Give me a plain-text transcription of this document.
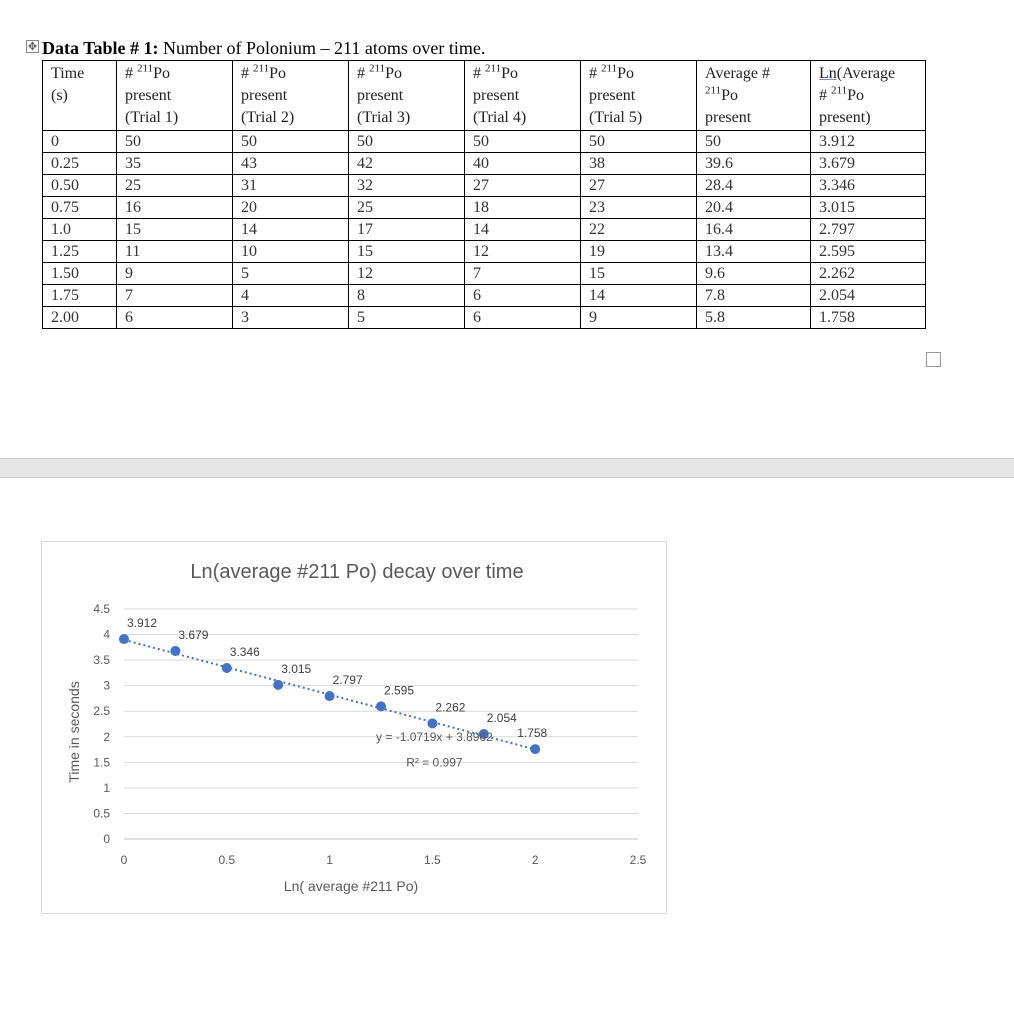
✥ Data Table # 1: Number of Polonium – 211 atoms over time.
Time
(s)	# $^{211}$Po
present
(Trial 1)	# $^{211}$Po
present
(Trial 2)	# $^{211}$Po
present
(Trial 3)	# $^{211}$Po
present
(Trial 4)	# $^{211}$Po
present
(Trial 5)	Average #
$^{211}$Po
present	Ln(Average
# $^{211}$Po
present)
0	50	50	50	50	50	50	3.912
0.25	35	43	42	40	38	39.6	3.679
0.50	25	31	32	27	27	28.4	3.346
0.75	16	20	25	18	23	20.4	3.015
1.0	15	14	17	14	22	16.4	2.797
1.25	11	10	15	12	19	13.4	2.595
1.50	9	5	12	7	15	9.6	2.262
1.75	7	4	8	6	14	7.8	2.054
2.00	6	3	5	6	9	5.8	1.758
Ln(average #211 Po) decay over time
0
0.5
1
1.5
2
2.5
3
3.5
4
4.5
0	0.5	1	1.5	2	2.5
Ln( average #211 Po)
Time in seconds
3.912
3.679
3.346
3.015
2.797
2.595
2.262
2.054
1.758
y = -1.0719x + 3.8962
R² = 0.997
